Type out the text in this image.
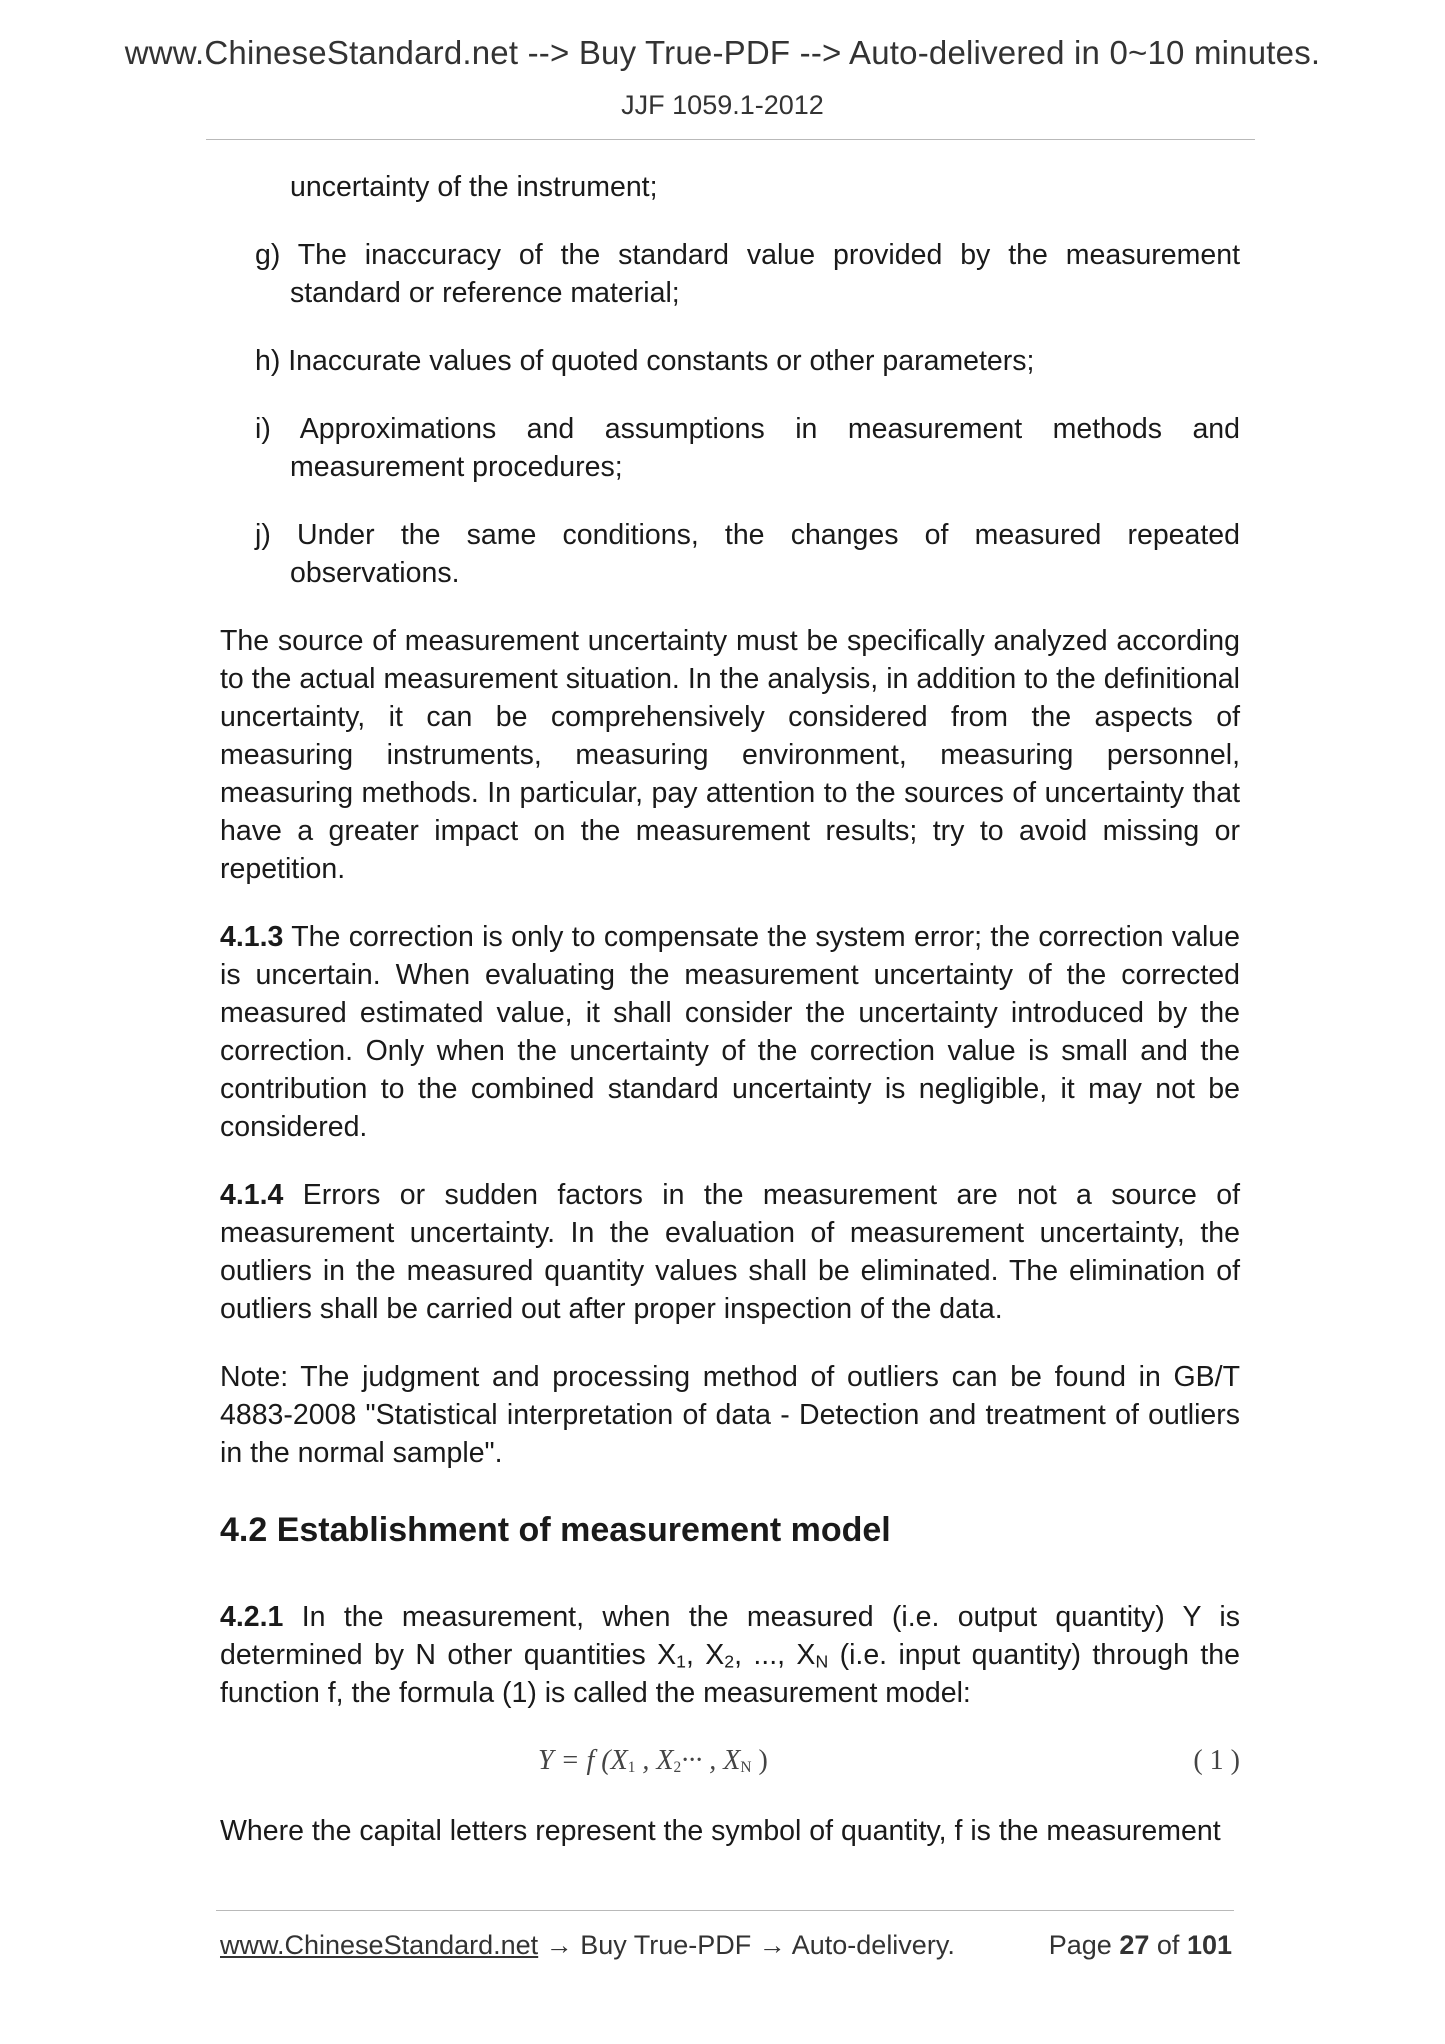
www.ChineseStandard.net --> Buy True-PDF --> Auto-delivered in 0~10 minutes.
JJF 1059.1-2012
uncertainty of the instrument;
g) The inaccuracy of the standard value provided by the measurement standard or reference material;
h) Inaccurate values of quoted constants or other parameters;
i) Approximations and assumptions in measurement methods and measurement procedures;
j) Under the same conditions, the changes of measured repeated observations.

The source of measurement uncertainty must be specifically analyzed according to the actual measurement situation. In the analysis, in addition to the definitional uncertainty, it can be comprehensively considered from the aspects of measuring instruments, measuring environment, measuring personnel, measuring methods. In particular, pay attention to the sources of uncertainty that have a greater impact on the measurement results; try to avoid missing or repetition.

4.1.3 The correction is only to compensate the system error; the correction value is uncertain. When evaluating the measurement uncertainty of the corrected measured estimated value, it shall consider the uncertainty introduced by the correction. Only when the uncertainty of the correction value is small and the contribution to the combined standard uncertainty is negligible, it may not be considered.

4.1.4 Errors or sudden factors in the measurement are not a source of measurement uncertainty. In the evaluation of measurement uncertainty, the outliers in the measured quantity values shall be eliminated. The elimination of outliers shall be carried out after proper inspection of the data.

Note: The judgment and processing method of outliers can be found in GB/T 4883-2008 "Statistical interpretation of data - Detection and treatment of outliers in the normal sample".

4.2 Establishment of measurement model

4.2.1 In the measurement, when the measured (i.e. output quantity) Y is determined by N other quantities $X_1$, $X_2$, ..., $X_N$ (i.e. input quantity) through the function f, the formula (1) is called the measurement model:

Y = f ($X_1$ , $X_2\cdot\cdot\cdot$ , $X_N$ )	( 1 )

Where the capital letters represent the symbol of quantity, f is the measurement

www.ChineseStandard.net → Buy True-PDF → Auto-delivery.	Page 27 of 101
